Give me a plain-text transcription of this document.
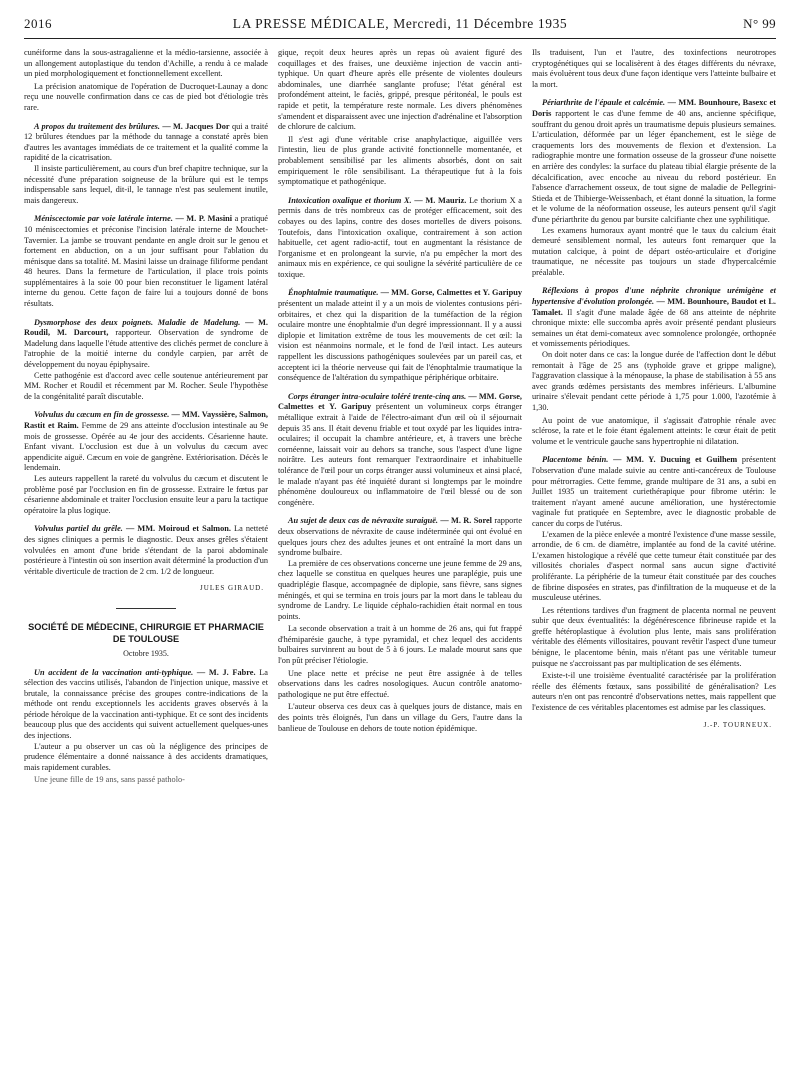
2016	LA PRESSE MÉDICALE, Mercredi, 11 Décembre 1935	N° 99

cunéiforme dans la sous-astragalienne et la médio-tarsienne, associée à un allongement autoplastique du tendon d'Achille, a rendu à ce malade un pied morphologiquement et fonctionnellement excellent.

La précision anatomique de l'opération de Ducroquet-Launay a donc reçu une nouvelle confirmation dans ce cas de pied bot d'étiologie très rare.

A propos du traitement des brûlures. — M. Jacques Dor qui a traité 12 brûlures étendues par la méthode du tannage a constaté après bien d'autres les avantages immédiats de ce traitement et la qualité comme la rapidité de la cicatrisation.

Il insiste particulièrement, au cours d'un bref chapitre technique, sur la nécessité d'une préparation soigneuse de la brûlure qui est le temps indispensable sans lequel, dit-il, le tannage n'est pas seulement inutile, mais dangereux.

Méniscectomie par voie latérale interne. — M. P. Masini a pratiqué 10 méniscectomies et préconise l'incision latérale interne de Mouchet-Tavernier. La jambe se trouvant pendante en angle droit sur le genou et fortement en abduction, on a un jour suffisant pour l'ablation du ménisque dans sa totalité. M. Masini laisse un drainage filiforme pendant 48 heures. Dans la fermeture de l'articulation, il place trois points supplémentaires à la soie 00 pour bien reconstituer le ligament latéral interne du genou. Cette façon de faire lui a toujours donné de bons résultats.

Dysmorphose des deux poignets. Maladie de Madelung. — M. Roudil, M. Darcourt, rapporteur. Observation de syndrome de Madelung dans laquelle l'étude attentive des clichés permet de conclure à l'atrophie de la moitié interne du condyle carpien, par arrêt de développement du noyau épiphysaire.

Cette pathogénie est d'accord avec celle soutenue antérieurement par MM. Rocher et Roudil et récemment par M. Rocher. Seule l'hypothèse de la congénitalité paraît discutable.

Volvulus du cæcum en fin de grossesse. — MM. Vayssière, Salmon, Rastit et Raim. Femme de 29 ans atteinte d'occlusion intestinale au 9e mois de grossesse. Opérée au 4e jour des accidents. Césarienne haute. Enfant vivant. L'occlusion est due à un volvulus du cæcum avec appendicite aiguë. Cæcum en voie de gangrène. Extériorisation. Décès le lendemain.

Les auteurs rappellent la rareté du volvulus du cæcum et discutent le problème posé par l'occlusion en fin de grossesse. Extraire le fœtus par césarienne abdominale et traiter l'occlusion ensuite leur a paru la tactique opératoire la plus logique.

Volvulus partiel du grêle. — MM. Moiroud et Salmon. La netteté des signes cliniques a permis le diagnostic. Deux anses grêles s'étaient volvulées en amont d'une bride s'étendant de la paroi abdominale postérieure à l'intestin où son insertion avait déterminé la production d'un véritable diverticule de traction de 2 cm. 1/2 de longueur.

JULES GIRAUD.
SOCIÉTÉ DE MÉDECINE, CHIRURGIE ET PHARMACIE
DE TOULOUSE
Octobre 1935.

Un accident de la vaccination anti-typhique. — M. J. Fabre. La sélection des vaccins utilisés, l'abandon de l'injection unique, massive et brutale, la connaissance précise des groupes contre-indications de la méthode ont rendu exceptionnels les accidents graves observés à la période héroïque de la vaccination anti-typhique. Et ce sont des incidents beaucoup plus que des accidents qui suivent actuellement quelques-unes des injections.

L'auteur a pu observer un cas où la négligence des principes de prudence élémentaire a donné naissance à des accidents dramatiques, mais rapidement curables.

Une jeune fille de 19 ans, sans passé patholo-

gique, reçoit deux heures après un repas où avaient figuré des coquillages et des fraises, une deuxième injection de vaccin anti-typhique. Un quart d'heure après elle présente de violentes douleurs abdominales, une diarrhée sanglante profuse; l'état général est profondément atteint, le faciès, grippé, presque péritonéal, le pouls est rapide et petit, la température reste normale. Les divers phénomènes s'amendent et disparaissent avec une injection d'adrénaline et l'absorption de chlorure de calcium.

Il s'est agi d'une véritable crise anaphylactique, aiguillée vers l'intestin, lieu de plus grande activité fonctionnelle momentanée, et probablement sensibilisé par les aliments absorbés, dont on sait empiriquement le rôle sensibilisant. La thérapeutique fut à la fois symptomatique et pathogénique.

Intoxication oxalique et thorium X. — M. Mauriz. Le thorium X a permis dans de très nombreux cas de protéger efficacement, soit des cobayes ou des lapins, contre des doses mortelles de divers poisons. Toutefois, dans l'intoxication oxalique, contrairement à son action habituelle, cet agent radio-actif, tout en augmentant la résistance de l'organisme et en prolongeant la survie, n'a pu empêcher la mort des animaux mis en expérience, ce qui souligne la sévérité particulière de ce toxique.

Énophtalmie traumatique. — MM. Gorse, Calmettes et Y. Garipuy présentent un malade atteint il y a un mois de violentes contusions péri-orbitaires, et chez qui la disparition de la tuméfaction de la région oculaire montre une énophtalmie d'un degré impressionnant. Il y a aussi diplopie et limitation extrême de tous les mouvements de cet œil: la vision est néanmoins normale, et le fond de l'œil intact. Les auteurs rappellent les discussions pathogéniques soulevées par un pareil cas, et acceptent ici la théorie nerveuse qui fait de l'énophtalmie traumatique la conséquence de l'altération du sympathique périphérique orbitaire.

Corps étranger intra-oculaire toléré trente-cinq ans. — MM. Gorse, Calmettes et Y. Garipuy présentent un volumineux corps étranger métallique extrait à l'aide de l'électro-aimant d'un œil où il séjournait depuis 35 ans. Il était devenu friable et tout oxydé par les liquides intra-oculaires; il occupait la chambre antérieure, et, à travers une brèche cornéenne, laissait voir au dehors sa tranche, sous l'aspect d'une ligne noirâtre. Les auteurs font remarquer l'extraordinaire et inhabituelle tolérance de l'œil pour un corps étranger aussi volumineux et ainsi placé, le malade n'ayant pas été inquiété durant si longtemps par le moindre phénomène douloureux ou inflammatoire de l'œil blessé ou de son congénère.

Au sujet de deux cas de névraxite suraiguë. — M. R. Sorel rapporte deux observations de névraxite de cause indéterminée qui ont évolué en quelques jours chez des adultes jeunes et ont entraîné la mort dans un syndrome bulbaire.

La première de ces observations concerne une jeune femme de 29 ans, chez laquelle se constitua en quelques heures une paraplégie, puis une quadriplégie flasque, accompagnée de diplopie, sans fièvre, sans signes méningés, et qui se termina en trois jours par la mort dans le tableau du syndrome de Landry. Le liquide céphalo-rachidien était normal en tous points.

La seconde observation a trait à un homme de 26 ans, qui fut frappé d'hémiparésie gauche, à type pyramidal, et chez lequel des accidents bulbaires survinrent au bout de 5 à 6 jours. Le malade mourut sans que l'on pût préciser l'étiologie.

Une place nette et précise ne peut être assignée à de telles observations dans les cadres nosologiques. Aucun contrôle anatomo-pathologique ne put être effectué.

L'auteur observa ces deux cas à quelques jours de distance, mais en des points très éloignés, l'un dans un village du Gers, l'autre dans la banlieue de Toulouse en dehors de toute notion épidémique.

Ils traduisent, l'un et l'autre, des toxinfections neurotropes cryptogénétiques qui se localisèrent à des étages différents du névraxe, mais évoluèrent tous deux d'une façon identique vers l'atteinte bulbaire et la mort.

Périarthrite de l'épaule et calcémie. — MM. Bounhoure, Basexc et Doris rapportent le cas d'une femme de 40 ans, ancienne spécifique, souffrant du genou droit après un traumatisme depuis plusieurs semaines. L'articulation, déformée par un léger épanchement, est le siège de craquements lors des mouvements de flexion et d'extension. La radiographie montre une formation osseuse de la grosseur d'une noisette en arrière des condyles: la surface du plateau tibial élargie présente de la décalcification, avec encoche au niveau du rebord postérieur. En l'absence d'arrachement osseux, de tout signe de maladie de Pellegrini-Stieda et de Thibierge-Weissenbach, et étant donné la situation, la forme et le volume de la néoformation osseuse, les auteurs pensent qu'il s'agit d'une périarthrite du genou par bursite calcifiante chez une syphilitique.

Les examens humoraux ayant montré que le taux du calcium était demeuré sensiblement normal, les auteurs font remarquer que la mutation calcique, à point de départ ostéo-articulaire et d'origine traumatique, ne nécessite pas toujours un stade d'hypercalcémie préalable.

Réflexions à propos d'une néphrite chronique urémigène et hypertensive d'évolution prolongée. — MM. Bounhoure, Baudot et L. Tamalet. Il s'agit d'une malade âgée de 68 ans atteinte de néphrite chronique mixte: elle succomba après avoir présenté pendant plusieurs semaines un état demi-comateux avec somnolence prolongée, orthopnée et vomissements périodiques.

On doit noter dans ce cas: la longue durée de l'affection dont le début remontait à l'âge de 25 ans (typhoïde grave et grippe maligne), l'aggravation classique à la ménopause, la phase de stabilisation à 55 ans avec grands œdèmes persistants des membres inférieurs. L'albumine urinaire s'élevait pendant cette période à 1,75 pour 1.000, l'azotémie à 1,30.

Au point de vue anatomique, il s'agissait d'atrophie rénale avec sclérose, la rate et le foie étant également atteints: le cœur était de petit volume et le ventricule gauche sans hypertrophie ni dilatation.

Placentome bénin. — MM. Y. Ducuing et Guilhem présentent l'observation d'une malade suivie au centre anti-cancéreux de Toulouse pour métrorragies. Cette femme, grande multipare de 31 ans, a subi en Juillet 1935 un traitement curiethérapique pour fibrome utérin: le traitement n'ayant amené aucune amélioration, une hystérectomie vaginale fut pratiquée en Septembre, avec le diagnostic probable de cancer du corps de l'utérus.

L'examen de la pièce enlevée a montré l'existence d'une masse sessile, arrondie, de 6 cm. de diamètre, implantée au fond de la cavité utérine. L'examen histologique a révélé que cette tumeur était constituée par des villosités choriales d'aspect normal sans aucun signe d'activité proliférante. La périphérie de la tumeur était constituée par des couches de fibrine disposées en strates, pas d'infiltration de la muqueuse et de la musculeuse utérines.

Les rétentions tardives d'un fragment de placenta normal ne peuvent subir que deux éventualités: la dégénérescence fibrineuse rapide et la greffe hétéroplastique à évolution plus lente, mais sans prolifération véritable des éléments villositaires, pouvant revêtir l'aspect d'une tumeur bénigne, le placentome bénin, mais n'étant pas une véritable tumeur puisque ne s'accroissant pas par multiplication de ses éléments.

Existe-t-il une troisième éventualité caractérisée par la prolifération réelle des éléments fœtaux, sans possibilité de généralisation? Les auteurs n'en ont pas rencontré d'observations nettes, mais rappellent que l'existence de ces véritables placentomes est admise par les classiques.

J.-P. TOURNEUX.
